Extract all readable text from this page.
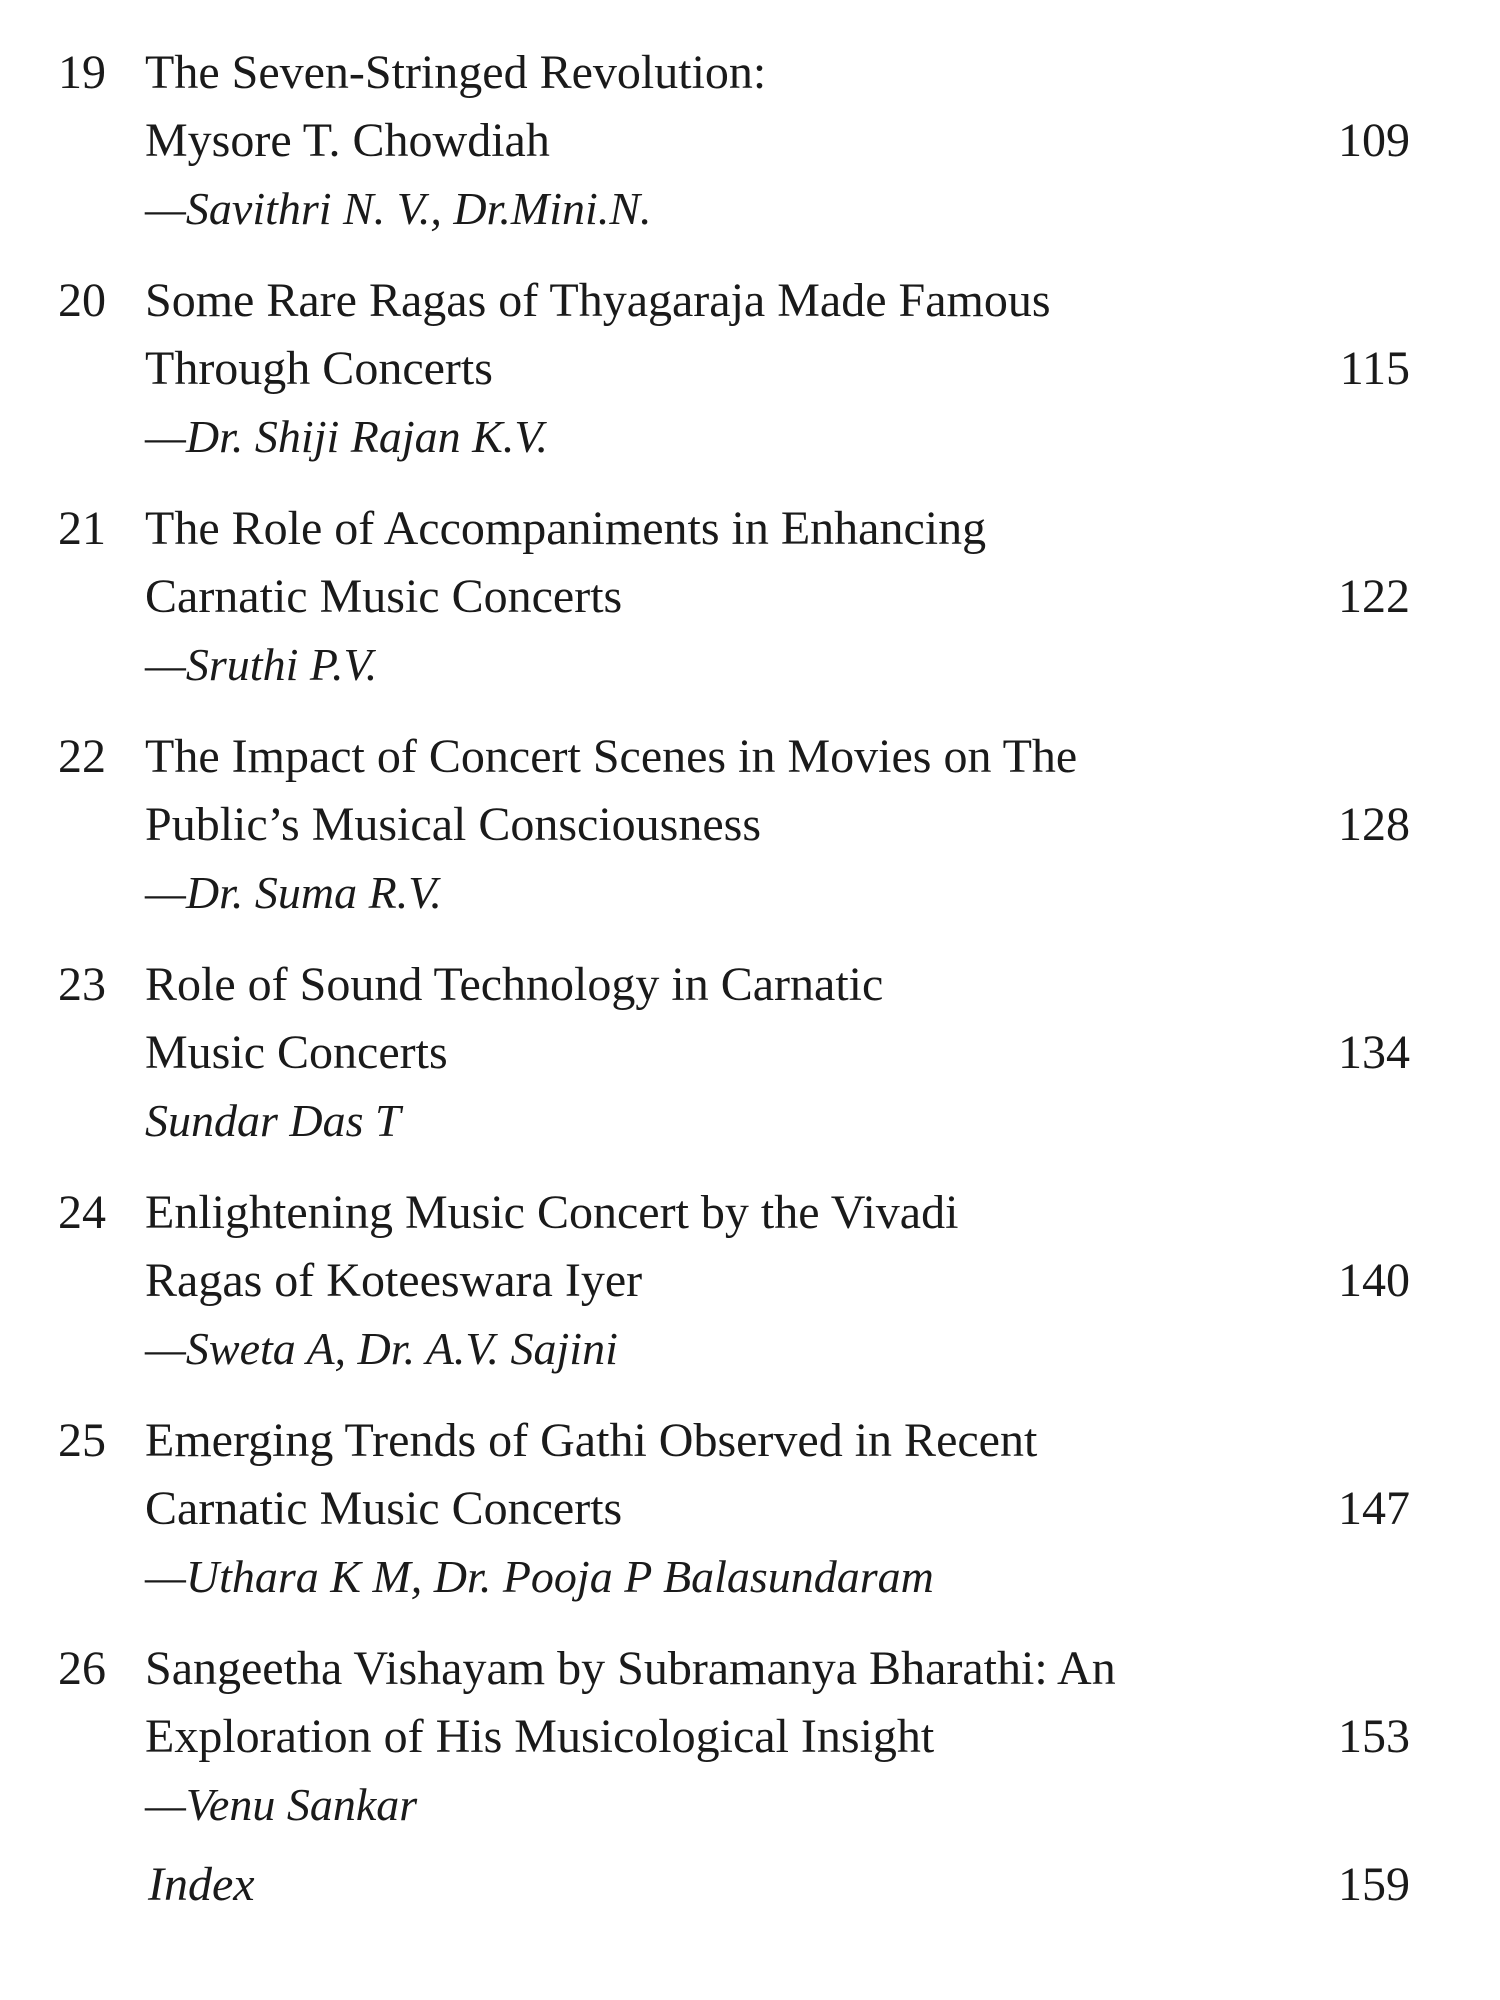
19 The Seven-Stringed Revolution:
Mysore T. Chowdiah	109
—Savithri N. V., Dr.Mini.N.
20 Some Rare Ragas of Thyagaraja Made Famous
Through Concerts	115
—Dr. Shiji Rajan K.V.
21 The Role of Accompaniments in Enhancing
Carnatic Music Concerts	122
—Sruthi P.V.
22 The Impact of Concert Scenes in Movies on The
Public’s Musical Consciousness	128
—Dr. Suma R.V.
23 Role of Sound Technology in Carnatic
Music Concerts	134
Sundar Das T
24 Enlightening Music Concert by the Vivadi
Ragas of Koteeswara Iyer	140
—Sweta A, Dr. A.V. Sajini
25 Emerging Trends of Gathi Observed in Recent
Carnatic Music Concerts	147
—Uthara K M, Dr. Pooja P Balasundaram
26 Sangeetha Vishayam by Subramanya Bharathi: An
Exploration of His Musicological Insight	153
—Venu Sankar
Index	159
